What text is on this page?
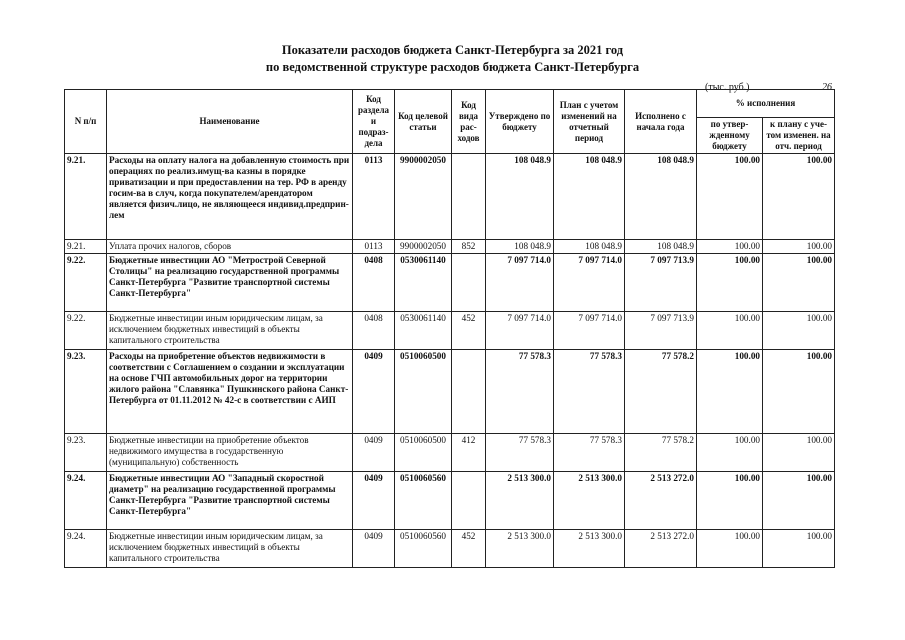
Показатели расходов бюджета Санкт-Петербурга за 2021 год
по ведомственной структуре расходов бюджета Санкт-Петербурга
(тыс. руб.)	26
N п/п	Наименование	Код раздела и подраз-дела	Код целевой статьи	Код вида рас-ходов	Утверждено по бюджету	План с учетом изменений на отчетный период	Исполнено с начала года	% исполнения	
								по утвер-жденному бюджету	к плану с уче-том изменен. на отч. период
9.21.	Расходы на оплату налога на добавленную стоимость при операциях по реализ.имущ-ва казны в порядке приватизации и при предоставлении на тер. РФ в аренду госим-ва в случ, когда покупателем/арендатором является физич.лицо, не являющееся индивид.предприн-лем	0113	9900002050		108 048.9	108 048.9	108 048.9	100.00	100.00
9.21.	Уплата прочих налогов, сборов	0113	9900002050	852	108 048.9	108 048.9	108 048.9	100.00	100.00
9.22.	Бюджетные инвестиции АО "Метрострой Северной Столицы" на реализацию государственной программы Санкт-Петербурга "Развитие транспортной системы Санкт-Петербурга"	0408	0530061140		7 097 714.0	7 097 714.0	7 097 713.9	100.00	100.00
9.22.	Бюджетные инвестиции иным юридическим лицам, за исключением бюджетных инвестиций в объекты капитального строительства	0408	0530061140	452	7 097 714.0	7 097 714.0	7 097 713.9	100.00	100.00
9.23.	Расходы на приобретение объектов недвижимости в соответствии с Соглашением о создании и эксплуатации на основе ГЧП автомобильных дорог на территории жилого района "Славянка" Пушкинского района Санкт-Петербурга от 01.11.2012 № 42-с в соответствии с АИП	0409	0510060500		77 578.3	77 578.3	77 578.2	100.00	100.00
9.23.	Бюджетные инвестиции на приобретение объектов недвижимого имущества в государственную (муниципальную) собственность	0409	0510060500	412	77 578.3	77 578.3	77 578.2	100.00	100.00
9.24.	Бюджетные инвестиции АО "Западный скоростной диаметр" на реализацию государственной программы Санкт-Петербурга "Развитие транспортной системы Санкт-Петербурга"	0409	0510060560		2 513 300.0	2 513 300.0	2 513 272.0	100.00	100.00
9.24.	Бюджетные инвестиции иным юридическим лицам, за исключением бюджетных инвестиций в объекты капитального строительства	0409	0510060560	452	2 513 300.0	2 513 300.0	2 513 272.0	100.00	100.00
